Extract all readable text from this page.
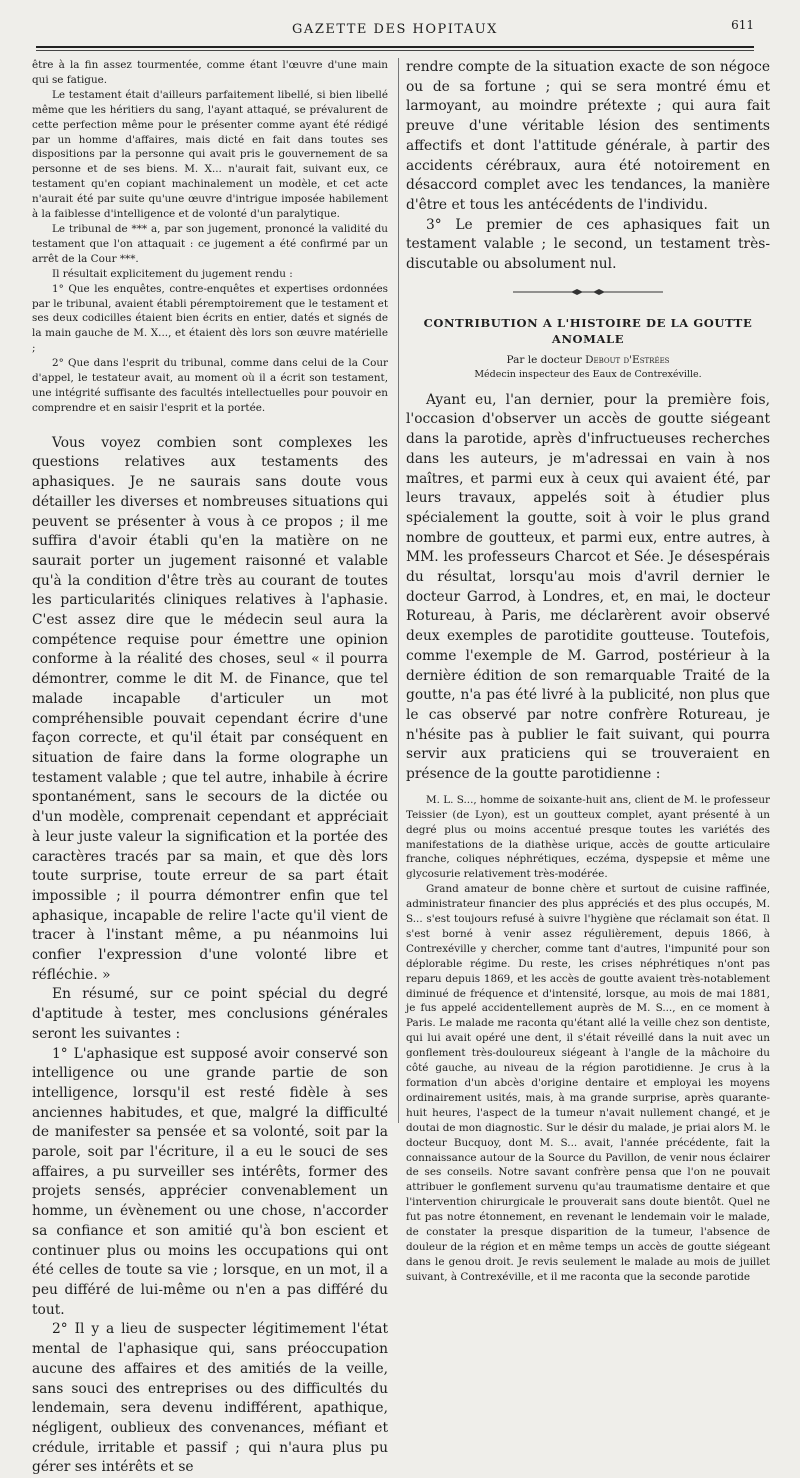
GAZETTE DES HOPITAUX	611

être à la fin assez tourmentée, comme étant l'œuvre d'une main qui se fatigue.

Le testament était d'ailleurs parfaitement libellé, si bien libellé même que les héritiers du sang, l'ayant attaqué, se prévalurent de cette perfection même pour le présenter comme ayant été rédigé par un homme d'affaires, mais dicté en fait dans toutes ses dispositions par la personne qui avait pris le gouvernement de sa personne et de ses biens. M. X... n'aurait fait, suivant eux, ce testament qu'en copiant machinalement un modèle, et cet acte n'aurait été par suite qu'une œuvre d'intrigue imposée habilement à la faiblesse d'intelligence et de volonté d'un paralytique.

Le tribunal de *** a, par son jugement, prononcé la validité du testament que l'on attaquait : ce jugement a été confirmé par un arrêt de la Cour ***.

Il résultait explicitement du jugement rendu :

1° Que les enquêtes, contre-enquêtes et expertises ordonnées par le tribunal, avaient établi péremptoirement que le testament et ses deux codicilles étaient bien écrits en entier, datés et signés de la main gauche de M. X..., et étaient dès lors son œuvre matérielle ;

2° Que dans l'esprit du tribunal, comme dans celui de la Cour d'appel, le testateur avait, au moment où il a écrit son testament, une intégrité suffisante des facultés intellectuelles pour pouvoir en comprendre et en saisir l'esprit et la portée.

Vous voyez combien sont complexes les questions relatives aux testaments des aphasiques. Je ne saurais sans doute vous détailler les diverses et nombreuses situations qui peuvent se présenter à vous à ce propos ; il me suffira d'avoir établi qu'en la matière on ne saurait porter un jugement raisonné et valable qu'à la condition d'être très au courant de toutes les particularités cliniques relatives à l'aphasie. C'est assez dire que le médecin seul aura la compétence requise pour émettre une opinion conforme à la réalité des choses, seul « il pourra démontrer, comme le dit M. de Finance, que tel malade incapable d'articuler un mot compréhensible pouvait cependant écrire d'une façon correcte, et qu'il était par conséquent en situation de faire dans la forme olographe un testament valable ; que tel autre, inhabile à écrire spontanément, sans le secours de la dictée ou d'un modèle, comprenait cependant et appréciait à leur juste valeur la signification et la portée des caractères tracés par sa main, et que dès lors toute surprise, toute erreur de sa part était impossible ; il pourra démontrer enfin que tel aphasique, incapable de relire l'acte qu'il vient de tracer à l'instant même, a pu néanmoins lui confier l'expression d'une volonté libre et réfléchie. »

En résumé, sur ce point spécial du degré d'aptitude à tester, mes conclusions générales seront les suivantes :

1° L'aphasique est supposé avoir conservé son intelligence ou une grande partie de son intelligence, lorsqu'il est resté fidèle à ses anciennes habitudes, et que, malgré la difficulté de manifester sa pensée et sa volonté, soit par la parole, soit par l'écriture, il a eu le souci de ses affaires, a pu surveiller ses intérêts, former des projets sensés, apprécier convenablement un homme, un évènement ou une chose, n'accorder sa confiance et son amitié qu'à bon escient et continuer plus ou moins les occupations qui ont été celles de toute sa vie ; lorsque, en un mot, il a peu différé de lui-même ou n'en a pas différé du tout.

2° Il y a lieu de suspecter légitimement l'état mental de l'aphasique qui, sans préoccupation aucune des affaires et des amitiés de la veille, sans souci des entreprises ou des difficultés du lendemain, sera devenu indifférent, apathique, négligent, oublieux des convenances, méfiant et crédule, irritable et passif ; qui n'aura plus pu gérer ses intérêts et se

rendre compte de la situation exacte de son négoce ou de sa fortune ; qui se sera montré ému et larmoyant, au moindre prétexte ; qui aura fait preuve d'une véritable lésion des sentiments affectifs et dont l'attitude générale, à partir des accidents cérébraux, aura été notoirement en désaccord complet avec les tendances, la manière d'être et tous les antécédents de l'individu.

3° Le premier de ces aphasiques fait un testament valable ; le second, un testament très-discutable ou absolument nul.

CONTRIBUTION A L'HISTOIRE DE LA GOUTTE ANOMALE

Par le docteur Debout d'Estrées

Médecin inspecteur des Eaux de Contrexéville.

Ayant eu, l'an dernier, pour la première fois, l'occasion d'observer un accès de goutte siégeant dans la parotide, après d'infructueuses recherches dans les auteurs, je m'adressai en vain à nos maîtres, et parmi eux à ceux qui avaient été, par leurs travaux, appelés soit à étudier plus spécialement la goutte, soit à voir le plus grand nombre de goutteux, et parmi eux, entre autres, à MM. les professeurs Charcot et Sée. Je désespérais du résultat, lorsqu'au mois d'avril dernier le docteur Garrod, à Londres, et, en mai, le docteur Rotureau, à Paris, me déclarèrent avoir observé deux exemples de parotidite goutteuse. Toutefois, comme l'exemple de M. Garrod, postérieur à la dernière édition de son remarquable Traité de la goutte, n'a pas été livré à la publicité, non plus que le cas observé par notre confrère Rotureau, je n'hésite pas à publier le fait suivant, qui pourra servir aux praticiens qui se trouveraient en présence de la goutte parotidienne :

M. L. S..., homme de soixante-huit ans, client de M. le professeur Teissier (de Lyon), est un goutteux complet, ayant présenté à un degré plus ou moins accentué presque toutes les variétés des manifestations de la diathèse urique, accès de goutte articulaire franche, coliques néphrétiques, eczéma, dyspepsie et même une glycosurie relativement très-modérée.

Grand amateur de bonne chère et surtout de cuisine raffinée, administrateur financier des plus appréciés et des plus occupés, M. S... s'est toujours refusé à suivre l'hygiène que réclamait son état. Il s'est borné à venir assez régulièrement, depuis 1866, à Contrexéville y chercher, comme tant d'autres, l'impunité pour son déplorable régime. Du reste, les crises néphrétiques n'ont pas reparu depuis 1869, et les accès de goutte avaient très-notablement diminué de fréquence et d'intensité, lorsque, au mois de mai 1881, je fus appelé accidentellement auprès de M. S..., en ce moment à Paris. Le malade me raconta qu'étant allé la veille chez son dentiste, qui lui avait opéré une dent, il s'était réveillé dans la nuit avec un gonflement très-douloureux siégeant à l'angle de la mâchoire du côté gauche, au niveau de la région parotidienne. Je crus à la formation d'un abcès d'origine dentaire et employai les moyens ordinairement usités, mais, à ma grande surprise, après quarante-huit heures, l'aspect de la tumeur n'avait nullement changé, et je doutai de mon diagnostic. Sur le désir du malade, je priai alors M. le docteur Bucquoy, dont M. S... avait, l'année précédente, fait la connaissance autour de la Source du Pavillon, de venir nous éclairer de ses conseils. Notre savant confrère pensa que l'on ne pouvait attribuer le gonflement survenu qu'au traumatisme dentaire et que l'intervention chirurgicale le prouverait sans doute bientôt. Quel ne fut pas notre étonnement, en revenant le lendemain voir le malade, de constater la presque disparition de la tumeur, l'absence de douleur de la région et en même temps un accès de goutte siégeant dans le genou droit. Je revis seulement le malade au mois de juillet suivant, à Contrexéville, et il me raconta que la seconde parotide
